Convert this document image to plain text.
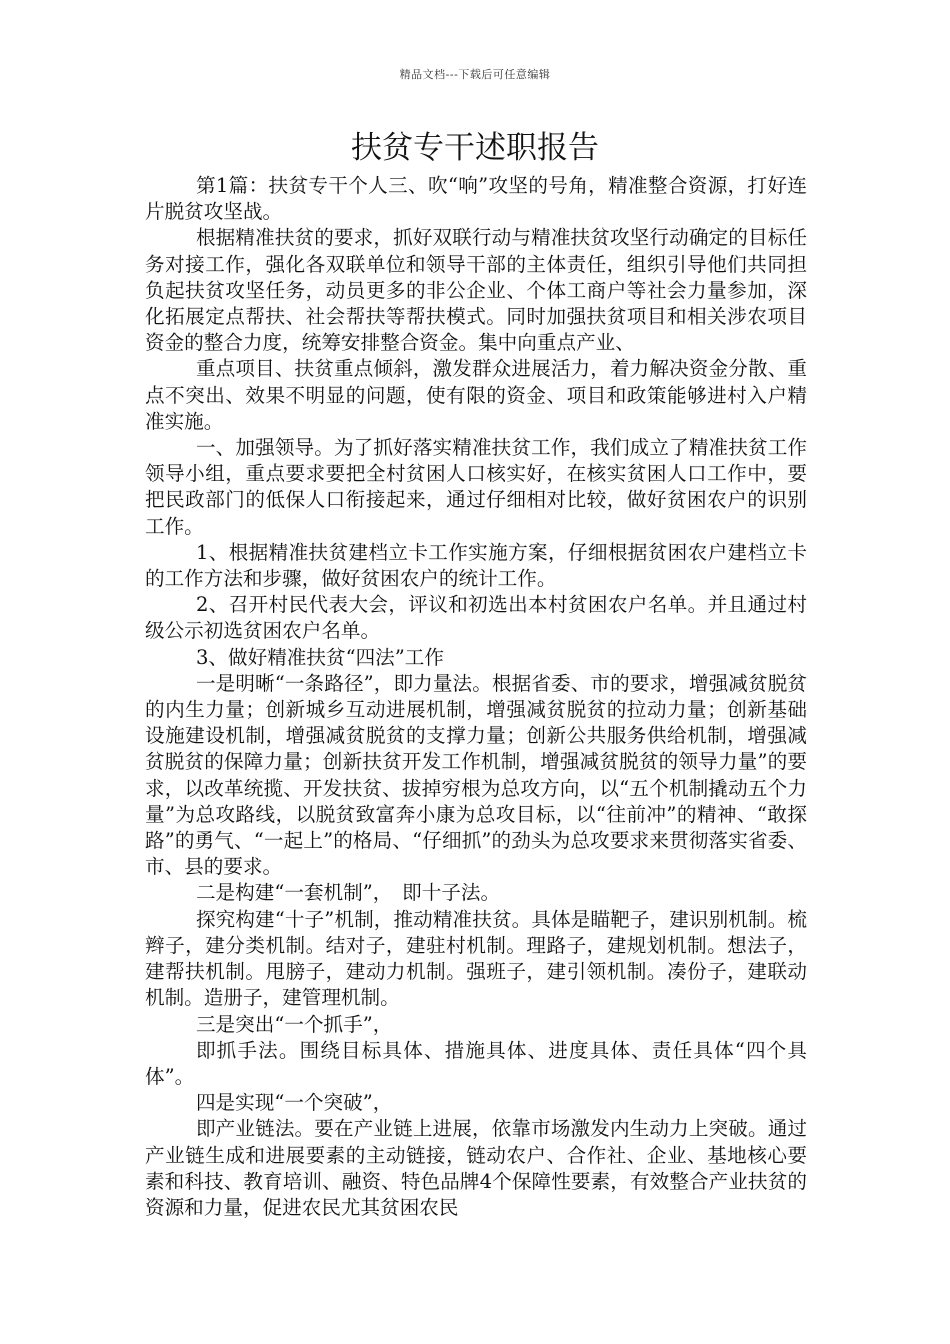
精品文档---下载后可任意编辑
扶贫专干述职报告

第1篇：扶贫专干个人三、吹“响”攻坚的号角，精准整合资源，打好连片脱贫攻坚战。

根据精准扶贫的要求，抓好双联行动与精准扶贫攻坚行动确定的目标任务对接工作，强化各双联单位和领导干部的主体责任，组织引导他们共同担负起扶贫攻坚任务，动员更多的非公企业、个体工商户等社会力量参加，深化拓展定点帮扶、社会帮扶等帮扶模式。同时加强扶贫项目和相关涉农项目资金的整合力度，统筹安排整合资金。集中向重点产业、

重点项目、扶贫重点倾斜，激发群众进展活力，着力解决资金分散、重点不突出、效果不明显的问题，使有限的资金、项目和政策能够进村入户精准实施。

一、加强领导。为了抓好落实精准扶贫工作，我们成立了精准扶贫工作领导小组，重点要求要把全村贫困人口核实好，在核实贫困人口工作中，要把民政部门的低保人口衔接起来，通过仔细相对比较，做好贫困农户的识别工作。

1、根据精准扶贫建档立卡工作实施方案，仔细根据贫困农户建档立卡的工作方法和步骤，做好贫困农户的统计工作。

2、召开村民代表大会，评议和初选出本村贫困农户名单。并且通过村级公示初选贫困农户名单。

3、做好精准扶贫“四法”工作

一是明晰“一条路径”，即力量法。根据省委、市的要求，增强减贫脱贫的内生力量；创新城乡互动进展机制，增强减贫脱贫的拉动力量；创新基础设施建设机制，增强减贫脱贫的支撑力量；创新公共服务供给机制，增强减贫脱贫的保障力量；创新扶贫开发工作机制，增强减贫脱贫的领导力量”的要求，以改革统揽、开发扶贫、拔掉穷根为总攻方向，以“五个机制撬动五个力量”为总攻路线，以脱贫致富奔小康为总攻目标，以“往前冲”的精神、“敢探路”的勇气、“一起上”的格局、“仔细抓”的劲头为总攻要求来贯彻落实省委、市、县的要求。

二是构建“一套机制”，　即十子法。

探究构建“十子”机制，推动精准扶贫。具体是瞄靶子，建识别机制。梳辫子，建分类机制。结对子，建驻村机制。理路子，建规划机制。想法子，建帮扶机制。甩膀子，建动力机制。强班子，建引领机制。凑份子，建联动机制。造册子，建管理机制。

三是突出“一个抓手”，

即抓手法。围绕目标具体、措施具体、进度具体、责任具体“四个具体”。

四是实现“一个突破”，

即产业链法。要在产业链上进展，依靠市场激发内生动力上突破。通过产业链生成和进展要素的主动链接，链动农户、合作社、企业、基地核心要素和科技、教育培训、融资、特色品牌4个保障性要素，有效整合产业扶贫的资源和力量，促进农民尤其贫困农民
